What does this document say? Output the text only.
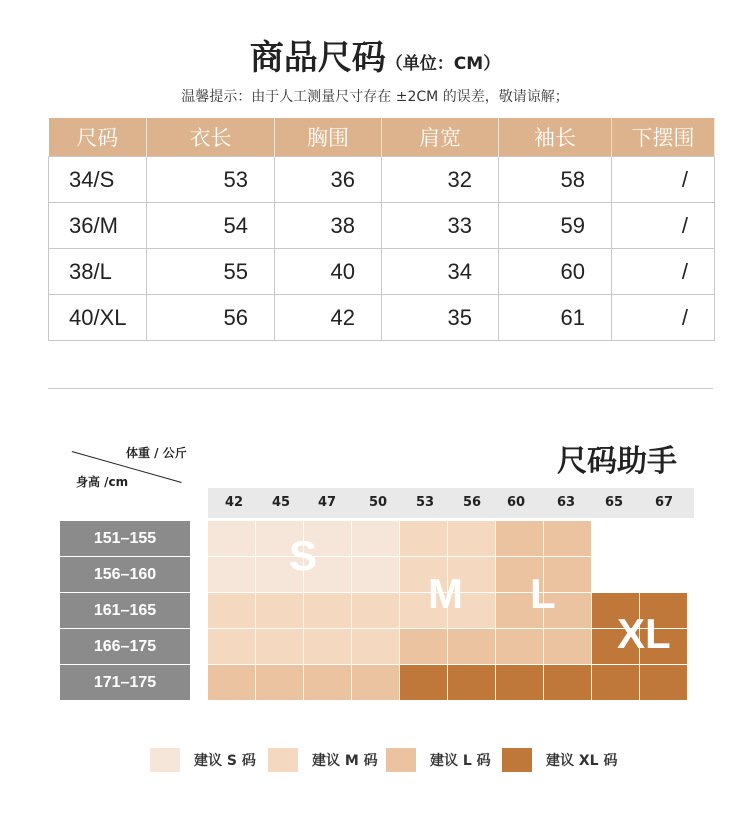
商品尺码（单位：CM）
温馨提示：由于人工测量尺寸存在 ±2CM 的误差，敬请谅解；
尺码	衣长	胸围	肩宽	袖长	下摆围
34/S	53	36	32	58	/
36/M	54	38	33	59	/
38/L	55	40	34	60	/
40/XL	56	42	35	61	/
体重 / 公斤
身高 /cm
尺码助手
42	45	47	50	53	56	60	63	65	67
151–155
156–160
161–165
166–175
171–175
S
M L
XL
建议 S 码	建议 M 码	建议 L 码	建议 XL 码
